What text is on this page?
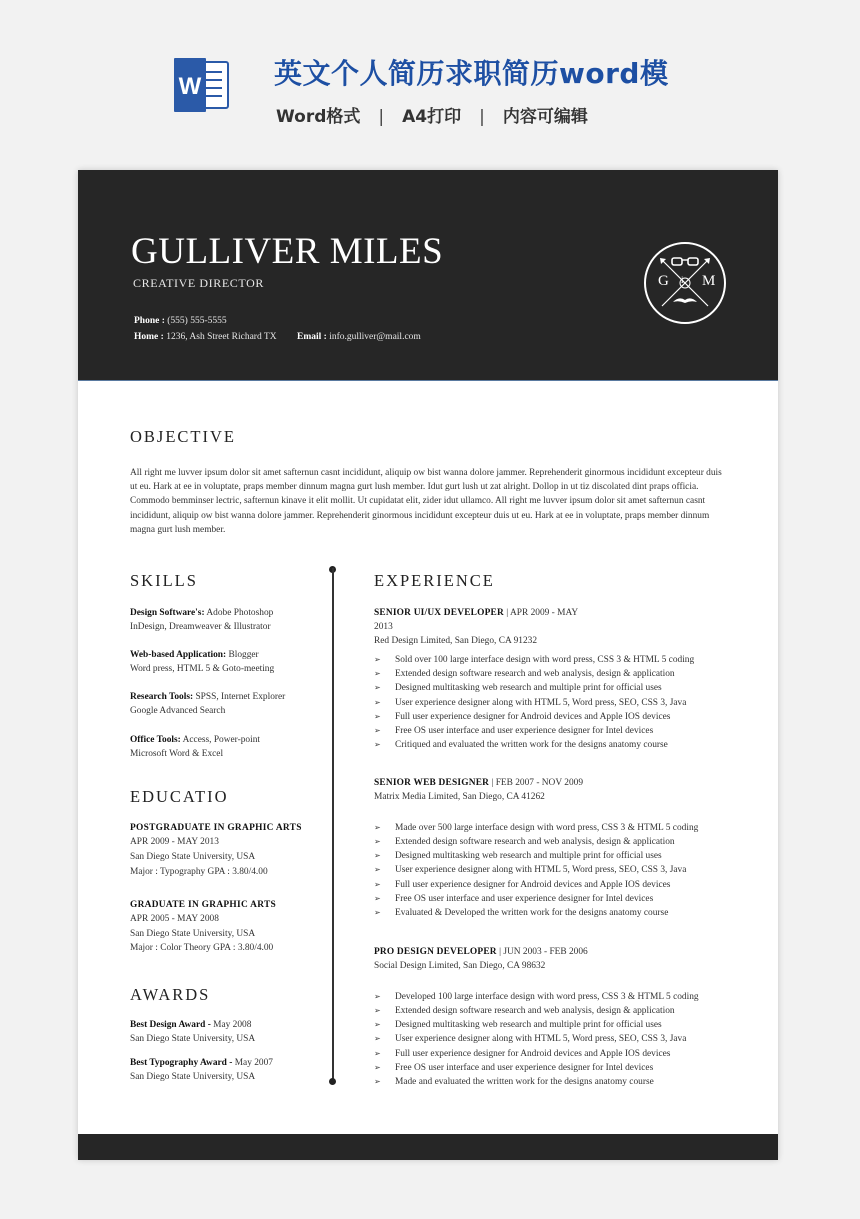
W	英文个人简历求职简历word模
Word格式 | A4打印 | 内容可编辑
GULLIVER MILES
CREATIVE DIRECTOR
Phone : (555) 555-5555
Home : 1236, Ash Street Richard TX Email : info.gulliver@mail.com
G i M
OBJECTIVE
All right me luvver ipsum dolor sit amet safternun casnt incididunt, aliquip ow bist wanna dolore jammer. Reprehenderit ginormous incididunt excepteur duis ut eu. Hark at ee in voluptate, praps member dinnum magna gurt lush member. Idut gurt lush ut zat alright. Dollop in ut tiz discolated dint praps officia. Commodo bemminser lectric, safternun kinave it elit mollit. Ut cupidatat elit, zider idut ullamco. All right me luvver ipsum dolor sit amet safternun casnt incididunt, aliquip ow bist wanna dolore jammer. Reprehenderit ginormous incididunt excepteur duis ut eu. Hark at ee in voluptate, praps member dinnum magna gurt lush member.
SKILLS
Design Software's: Adobe Photoshop
InDesign, Dreamweaver & Illustrator
Web-based Application: Blogger
Word press, HTML 5 & Goto-meeting
Research Tools: SPSS, Internet Explorer
Google Advanced Search
Office Tools: Access, Power-point
Microsoft Word & Excel
EDUCATIO
POSTGRADUATE IN GRAPHIC ARTS
APR 2009 - MAY 2013
San Diego State University, USA
Major : Typography GPA : 3.80/4.00
GRADUATE IN GRAPHIC ARTS
APR 2005 - MAY 2008
San Diego State University, USA
Major : Color Theory GPA : 3.80/4.00
AWARDS
Best Design Award - May 2008
San Diego State University, USA
Best Typography Award - May 2007
San Diego State University, USA
EXPERIENCE
SENIOR UI/UX DEVELOPER | APR 2009 - MAY
2013
Red Design Limited, San Diego, CA 91232
➢ Sold over 100 large interface design with word press, CSS 3 & HTML 5 coding
➢ Extended design software research and web analysis, design & application
➢ Designed multitasking web research and multiple print for official uses
➢ User experience designer along with HTML 5, Word press, SEO, CSS 3, Java
➢ Full user experience designer for Android devices and Apple IOS devices
➢ Free OS user interface and user experience designer for Intel devices
➢ Critiqued and evaluated the written work for the designs anatomy course
SENIOR WEB DESIGNER | FEB 2007 - NOV 2009
Matrix Media Limited, San Diego, CA 41262
➢ Made over 500 large interface design with word press, CSS 3 & HTML 5 coding
➢ Extended design software research and web analysis, design & application
➢ Designed multitasking web research and multiple print for official uses
➢ User experience designer along with HTML 5, Word press, SEO, CSS 3, Java
➢ Full user experience designer for Android devices and Apple IOS devices
➢ Free OS user interface and user experience designer for Intel devices
➢ Evaluated & Developed the written work for the designs anatomy course
PRO DESIGN DEVELOPER | JUN 2003 - FEB 2006
Social Design Limited, San Diego, CA 98632
➢ Developed 100 large interface design with word press, CSS 3 & HTML 5 coding
➢ Extended design software research and web analysis, design & application
➢ Designed multitasking web research and multiple print for official uses
➢ User experience designer along with HTML 5, Word press, SEO, CSS 3, Java
➢ Full user experience designer for Android devices and Apple IOS devices
➢ Free OS user interface and user experience designer for Intel devices
➢ Made and evaluated the written work for the designs anatomy course
